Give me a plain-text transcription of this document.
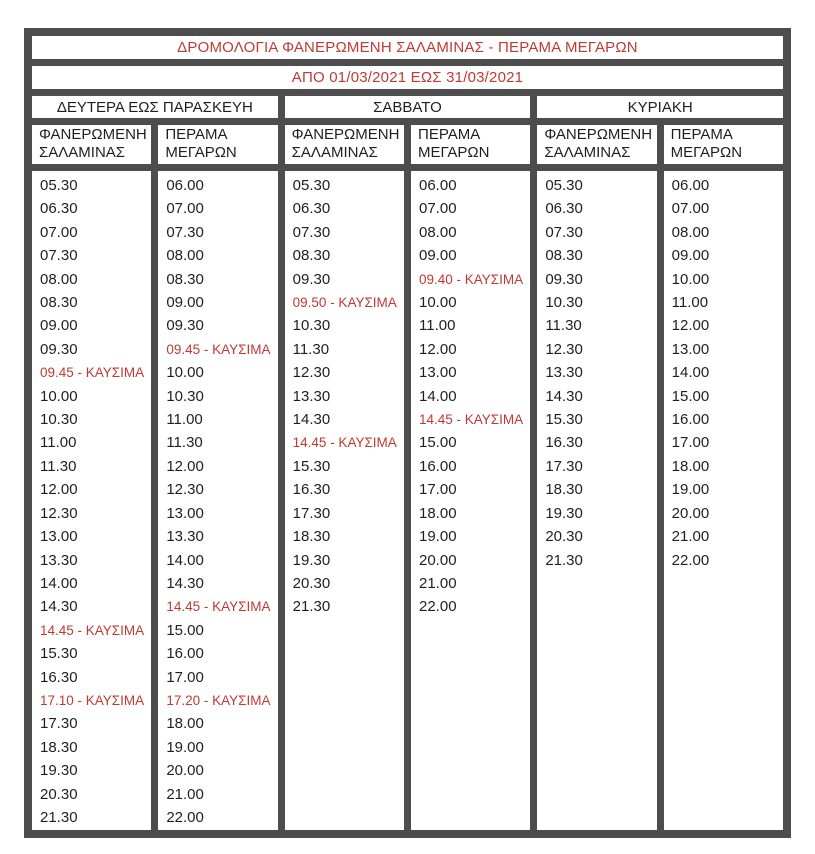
ΔΡΟΜΟΛΟΓΙΑ ΦΑΝΕΡΩΜΕΝΗ ΣΑΛΑΜΙΝΑΣ - ΠΕΡΑΜΑ ΜΕΓΑΡΩΝ
ΑΠΟ 01/03/2021 ΕΩΣ 31/03/2021
ΔΕΥΤΕΡΑ ΕΩΣ ΠΑΡΑΣΚΕΥΗ	ΣΑΒΒΑΤΟ	ΚΥΡΙΑΚΗ
ΦΑΝΕΡΩΜΕΝΗ ΣΑΛΑΜΙΝΑΣ
ΠΕΡΑΜΑ ΜΕΓΑΡΩΝ
ΦΑΝΕΡΩΜΕΝΗ ΣΑΛΑΜΙΝΑΣ
ΠΕΡΑΜΑ ΜΕΓΑΡΩΝ
ΦΑΝΕΡΩΜΕΝΗ ΣΑΛΑΜΙΝΑΣ
ΠΕΡΑΜΑ ΜΕΓΑΡΩΝ
05.30
06.30
07.00
07.30
08.00
08.30
09.00
09.30
09.45 - ΚΑΥΣΙΜΑ
10.00
10.30
11.00
11.30
12.00
12.30
13.00
13.30
14.00
14.30
14.45 - ΚΑΥΣΙΜΑ
15.30
16.30
17.10 - ΚΑΥΣΙΜΑ
17.30
18.30
19.30
20.30
21.30
06.00
07.00
07.30
08.00
08.30
09.00
09.30
09.45 - ΚΑΥΣΙΜΑ
10.00
10.30
11.00
11.30
12.00
12.30
13.00
13.30
14.00
14.30
14.45 - ΚΑΥΣΙΜΑ
15.00
16.00
17.00
17.20 - ΚΑΥΣΙΜΑ
18.00
19.00
20.00
21.00
22.00
05.30
06.30
07.30
08.30
09.30
09.50 - ΚΑΥΣΙΜΑ
10.30
11.30
12.30
13.30
14.30
14.45 - ΚΑΥΣΙΜΑ
15.30
16.30
17.30
18.30
19.30
20.30
21.30
06.00
07.00
08.00
09.00
09.40 - ΚΑΥΣΙΜΑ
10.00
11.00
12.00
13.00
14.00
14.45 - ΚΑΥΣΙΜΑ
15.00
16.00
17.00
18.00
19.00
20.00
21.00
22.00
05.30
06.30
07.30
08.30
09.30
10.30
11.30
12.30
13.30
14.30
15.30
16.30
17.30
18.30
19.30
20.30
21.30
06.00
07.00
08.00
09.00
10.00
11.00
12.00
13.00
14.00
15.00
16.00
17.00
18.00
19.00
20.00
21.00
22.00
